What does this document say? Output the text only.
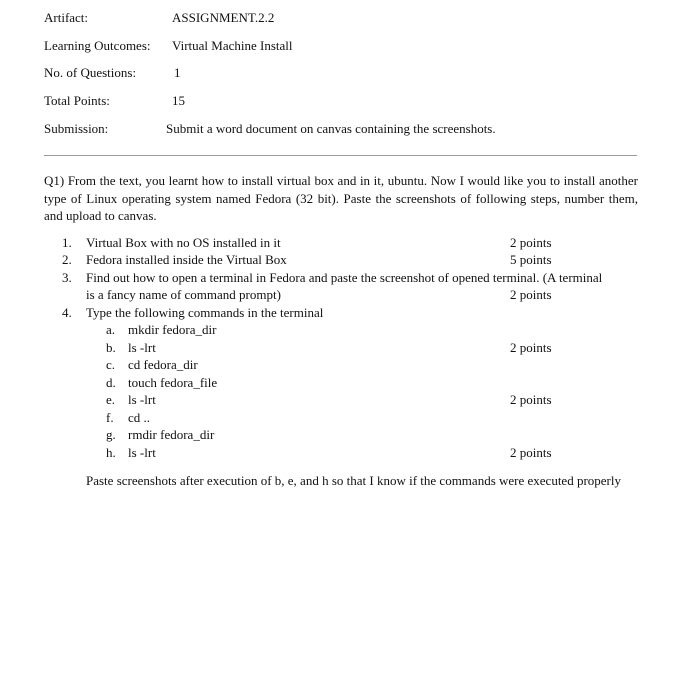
Artifact:	ASSIGNMENT.2.2
Learning Outcomes: Virtual Machine Install
No. of Questions:	1
Total Points:	15
Submission:	Submit a word document on canvas containing the screenshots.
Q1) From the text, you learnt how to install virtual box and in it, ubuntu. Now I would like you to install another type of Linux operating system named Fedora (32 bit). Paste the screenshots of following steps, number them, and upload to canvas.
1. Virtual Box with no OS installed in it	2 points
2. Fedora installed inside the Virtual Box	5 points
3. Find out how to open a terminal in Fedora and paste the screenshot of opened terminal. (A terminal
is a fancy name of command prompt)	2 points
4. Type the following commands in the terminal
a. mkdir fedora_dir
b. ls -lrt	2 points
c. cd fedora_dir
d. touch fedora_file
e. ls -lrt	2 points
f. cd ..
g. rmdir fedora_dir
h. ls -lrt	2 points
Paste screenshots after execution of b, e, and h so that I know if the commands were executed properly
